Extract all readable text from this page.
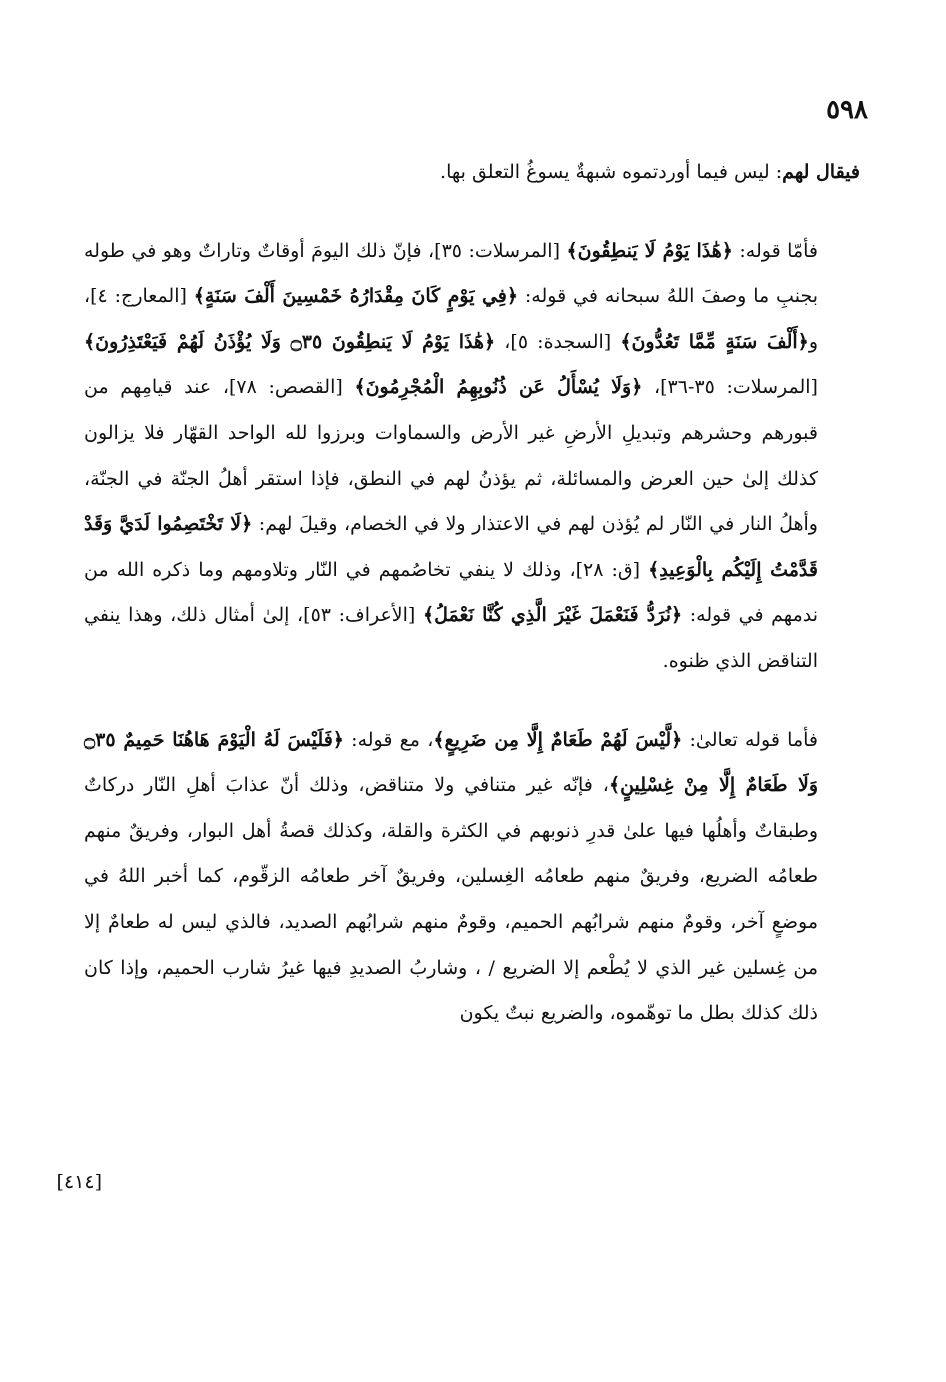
٥٩٨

فيقال لهم: ليس فيما أوردتموه شبهةٌ يسوغُ التعلق بها.

فأمّا قوله: ﴿هَٰذَا يَوْمُ لَا يَنطِقُونَ﴾ [المرسلات: ٣٥]، فإنّ ذلك اليومَ أوقاتٌ وتاراتٌ وهو في طوله بجنبِ ما وصفَ اللهُ سبحانه في قوله: ﴿فِي يَوْمٍ كَانَ مِقْدَارُهُ خَمْسِينَ أَلْفَ سَنَةٍ﴾ [المعارج: ٤]، و﴿أَلْفَ سَنَةٍ مِّمَّا تَعُدُّونَ﴾ [السجدة: ٥]، ﴿هَٰذَا يَوْمُ لَا يَنطِقُونَ ۝٣٥ وَلَا يُؤْذَنُ لَهُمْ فَيَعْتَذِرُونَ﴾ [المرسلات: ٣٥-٣٦]، ﴿وَلَا يُسْأَلُ عَن ذُنُوبِهِمُ الْمُجْرِمُونَ﴾ [القصص: ٧٨]، عند قيامِهم من قبورهم وحشرهم وتبديلِ الأرضِ غير الأرض والسماوات وبرزوا لله الواحد القهّار فلا يزالون كذلك إلىٰ حين العرض والمسائلة، ثم يؤذنُ لهم في النطق، فإذا استقر أهلُ الجنّة في الجنّة، وأهلُ النار في النّار لم يُؤذن لهم في الاعتذار ولا في الخصام، وقيلَ لهم: ﴿لَا تَخْتَصِمُوا لَدَيَّ وَقَدْ قَدَّمْتُ إِلَيْكُم بِالْوَعِيدِ﴾ [ق: ٢٨]، وذلك لا ينفي تخاصُمهم في النّار وتلاومهم وما ذكره الله من ندمهم في قوله: ﴿نُرَدُّ فَنَعْمَلَ غَيْرَ الَّذِي كُنَّا نَعْمَلُ﴾ [الأعراف: ٥٣]، إلىٰ أمثال ذلك، وهذا ينفي التناقض الذي ظنوه.

فأما قوله تعالىٰ: ﴿لَّيْسَ لَهُمْ طَعَامٌ إِلَّا مِن ضَرِيعٍ﴾، مع قوله: ﴿فَلَيْسَ لَهُ الْيَوْمَ هَاهُنَا حَمِيمٌ ۝٣٥ وَلَا طَعَامٌ إِلَّا مِنْ غِسْلِينٍ﴾، فإنّه غير متنافي ولا متناقض، وذلك أنّ عذابَ أهلِ النّار دركاتٌ وطبقاتٌ وأهلُها فيها علىٰ قدرِ ذنوبهم في الكثرة والقلة، وكذلك قصةُ أهل البوار، وفريقٌ منهم طعامُه الضريع، وفريقٌ منهم طعامُه الغِسلين، وفريقٌ آخر طعامُه الزقّوم، كما أخبر اللهُ في موضعٍ آخر، وقومٌ منهم شرابُهم الحميم، وقومٌ منهم شرابُهم الصديد، فالذي ليس له طعامٌ إلا من غِسلين غير الذي لا يُطْعم إلا الضريع / ، وشاربُ الصديدِ فيها غيرُ شارب الحميم، وإذا كان ذلك كذلك بطل ما توهّموه، والضريع نبتٌ يكون

[٤١٤]
